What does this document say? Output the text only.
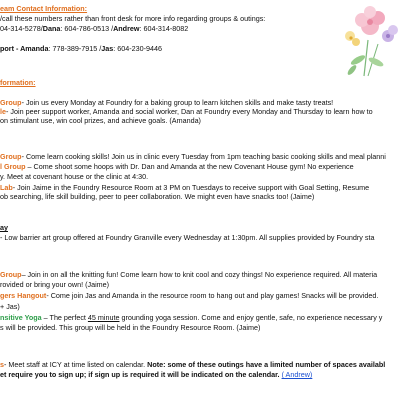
eam Contact Information:
/call these numbers rather than front desk for more info regarding groups & outings:
04-314-5278/Dana: 604-786-0513 /Andrew: 604-314-8082
port - Amanda: 778-389-7915 /Jas: 604-230-9446
formation:
Group- Join us every Monday at Foundry for a baking group to learn kitchen skills and make tasty treats!
le- Join peer support worker, Amanda and social worker, Dan at Foundry every Monday and Thursday to learn how to
on stimulant use, win cool prizes, and achieve goals. (Amanda)
Group- Come learn cooking skills! Join us in clinic every Tuesday from 1pm teaching basic cooking skills and meal planni
l Group – Come shoot some hoops with Dr. Dan and Amanda at the new Covenant House gym! No experience
y. Meet at covenant house or the clinic at 4:30.
Lab- Join Jaime in the Foundry Resource Room at 3 PM on Tuesdays to receive support with Goal Setting, Resume
ob searching, life skill building, peer to peer collaboration. We might even have snacks too! (Jaime)
ay
- Low barrier art group offered at Foundry Granville every Wednesday at 1:30pm. All supplies provided by Foundry sta
Group– Join in on all the knitting fun! Come learn how to knit cool and cozy things! No experience required. All materia
rovided or bring your own! (Jaime)
gers Hangout- Come join Jas and Amanda in the resource room to hang out and play games! Snacks will be provided.
+ Jas)
nsitive Yoga – The perfect 45 minute grounding yoga session. Come and enjoy gentle, safe, no experience necessary y
s will be provided. This group will be held in the Foundry Resource Room. (Jaime)
s- Meet staff at ICY at time listed on calendar. Note: some of these outings have a limited number of spaces availabl
et require you to sign up; if sign up is required it will be indicated on the calendar. ( Andrew)
